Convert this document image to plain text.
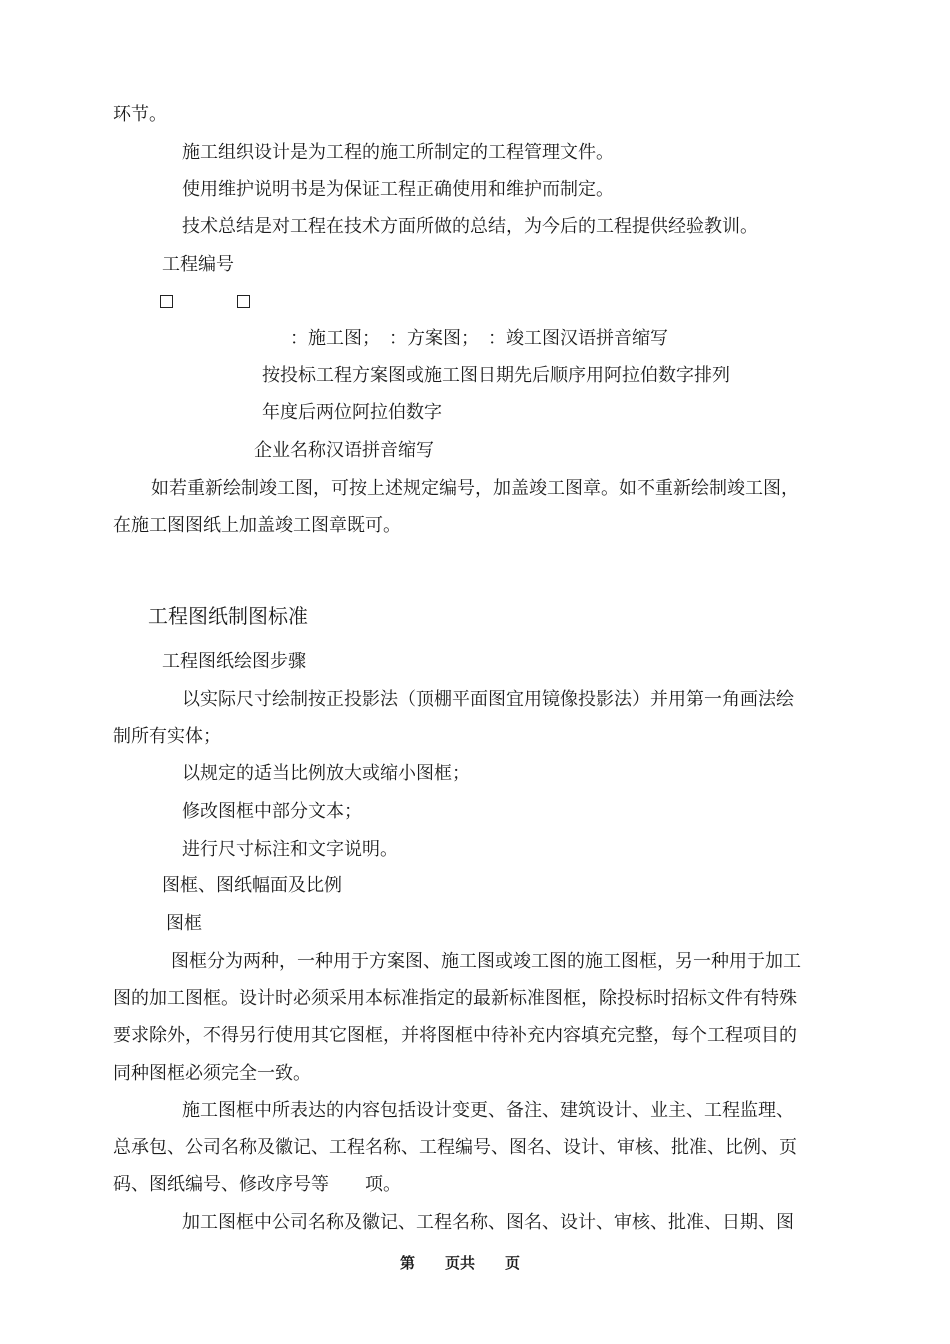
环节。
施工组织设计是为工程的施工所制定的工程管理文件。
使用维护说明书是为保证工程正确使用和维护而制定。
技术总结是对工程在技术方面所做的总结，为今后的工程提供经验教训。
工程编号
：施工图；　：方案图；　：竣工图汉语拼音缩写
按投标工程方案图或施工图日期先后顺序用阿拉伯数字排列
年度后两位阿拉伯数字
企业名称汉语拼音缩写
如若重新绘制竣工图，可按上述规定编号，加盖竣工图章。如不重新绘制竣工图，
在施工图图纸上加盖竣工图章既可。
工程图纸制图标准
工程图纸绘图步骤
以实际尺寸绘制按正投影法（顶棚平面图宜用镜像投影法）并用第一角画法绘
制所有实体；
以规定的适当比例放大或缩小图框；
修改图框中部分文本；
进行尺寸标注和文字说明。
图框、图纸幅面及比例
图框
图框分为两种，一种用于方案图、施工图或竣工图的施工图框，另一种用于加工
图的加工图框。设计时必须采用本标准指定的最新标准图框，除投标时招标文件有特殊
要求除外，不得另行使用其它图框，并将图框中待补充内容填充完整，每个工程项目的
同种图框必须完全一致。
施工图框中所表达的内容包括设计变更、备注、建筑设计、业主、工程监理、
总承包、公司名称及徽记、工程名称、工程编号、图名、设计、审核、批准、比例、页
码、图纸编号、修改序号等　　项。
加工图框中公司名称及徽记、工程名称、图名、设计、审核、批准、日期、图
第　　页共　　页
